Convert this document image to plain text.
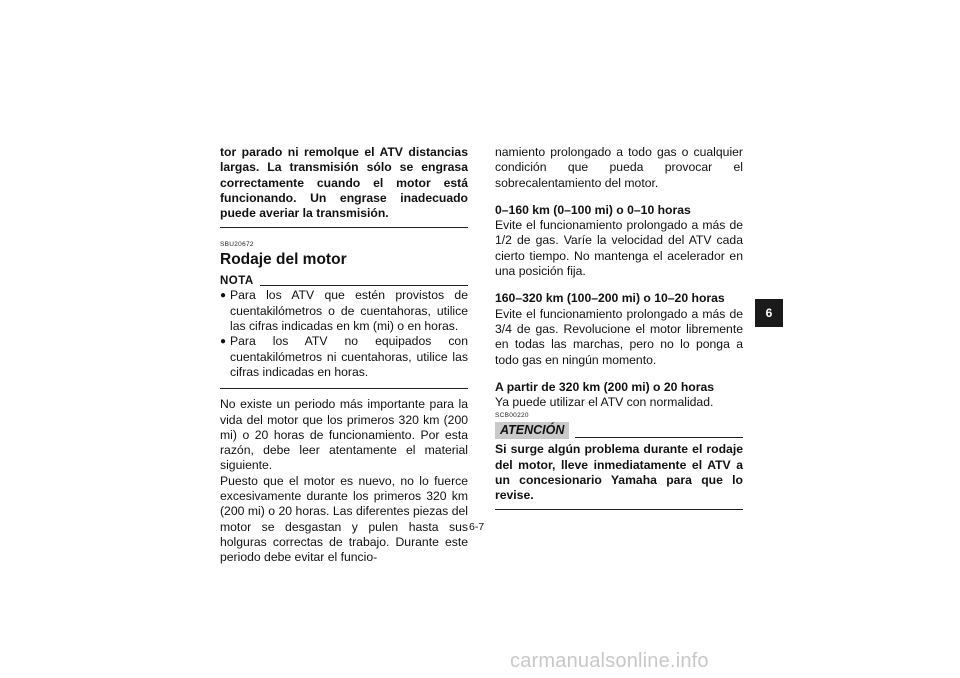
tor parado ni remolque el ATV distancias largas. La transmisión sólo se engrasa correctamente cuando el motor está funcionando. Un engrase inadecuado puede averiar la transmisión.
SBU20672
Rodaje del motor
NOTA
● Para los ATV que estén provistos de cuentakilómetros o de cuentahoras, utilice las cifras indicadas en km (mi) o en horas.
● Para los ATV no equipados con cuentakilómetros ni cuentahoras, utilice las cifras indicadas en horas.
No existe un periodo más importante para la vida del motor que los primeros 320 km (200 mi) o 20 horas de funcionamiento. Por esta razón, debe leer atentamente el material siguiente.
Puesto que el motor es nuevo, no lo fuerce excesivamente durante los primeros 320 km (200 mi) o 20 horas. Las diferentes piezas del motor se desgastan y pulen hasta sus holguras correctas de trabajo. Durante este periodo debe evitar el funcio-
namiento prolongado a todo gas o cualquier condición que pueda provocar el sobrecalentamiento del motor.
0–160 km (0–100 mi) o 0–10 horas
Evite el funcionamiento prolongado a más de 1/2 de gas. Varíe la velocidad del ATV cada cierto tiempo. No mantenga el acelerador en una posición fija.
160–320 km (100–200 mi) o 10–20 horas
Evite el funcionamiento prolongado a más de 3/4 de gas. Revolucione el motor libremente en todas las marchas, pero no lo ponga a todo gas en ningún momento.
A partir de 320 km (200 mi) o 20 horas
Ya puede utilizar el ATV con normalidad.
SCB00220
ATENCIÓN
Si surge algún problema durante el rodaje del motor, lleve inmediatamente el ATV a un concesionario Yamaha para que lo revise.
6
6-7
carmanualsonline.info
